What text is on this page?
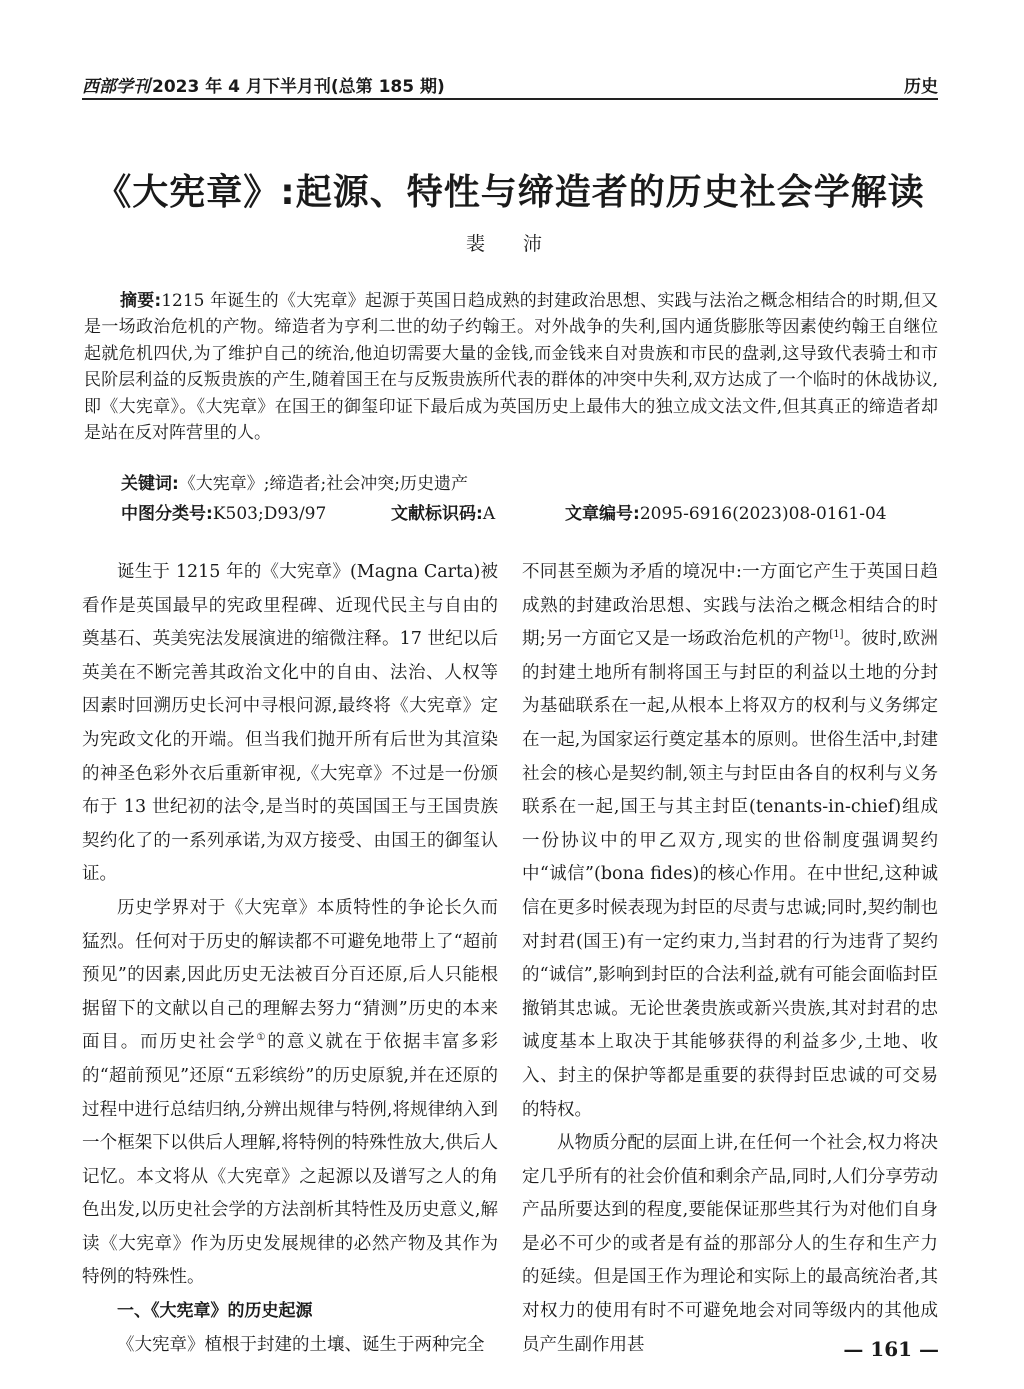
西部学刊 2023 年 4 月下半月刊(总第 185 期)	历史
《大宪章》:起源、特性与缔造者的历史社会学解读
裴 沛
摘要:1215 年诞生的《大宪章》起源于英国日趋成熟的封建政治思想、实践与法治之概念相结合的时期,但又是一场政治危机的产物。缔造者为亨利二世的幼子约翰王。对外战争的失利,国内通货膨胀等因素使约翰王自继位起就危机四伏,为了维护自己的统治,他迫切需要大量的金钱,而金钱来自对贵族和市民的盘剥,这导致代表骑士和市民阶层利益的反叛贵族的产生,随着国王在与反叛贵族所代表的群体的冲突中失利,双方达成了一个临时的休战协议,即《大宪章》。《大宪章》在国王的御玺印证下最后成为英国历史上最伟大的独立成文法文件,但其真正的缔造者却是站在反对阵营里的人。
关键词:《大宪章》;缔造者;社会冲突;历史遗产
中图分类号:K503;D93/97	文献标识码:A	文章编号:2095-6916(2023)08-0161-04

诞生于 1215 年的《大宪章》(Magna Carta)被看作是英国最早的宪政里程碑、近现代民主与自由的奠基石、英美宪法发展演进的缩微注释。17 世纪以后英美在不断完善其政治文化中的自由、法治、人权等因素时回溯历史长河中寻根问源,最终将《大宪章》定为宪政文化的开端。但当我们抛开所有后世为其渲染的神圣色彩外衣后重新审视,《大宪章》不过是一份颁布于 13 世纪初的法令,是当时的英国国王与王国贵族契约化了的一系列承诺,为双方接受、由国王的御玺认证。

历史学界对于《大宪章》本质特性的争论长久而猛烈。任何对于历史的解读都不可避免地带上了“超前预见”的因素,因此历史无法被百分百还原,后人只能根据留下的文献以自己的理解去努力“猜测”历史的本来面目。而历史社会学①的意义就在于依据丰富多彩的“超前预见”还原“五彩缤纷”的历史原貌,并在还原的过程中进行总结归纳,分辨出规律与特例,将规律纳入到一个框架下以供后人理解,将特例的特殊性放大,供后人记忆。本文将从《大宪章》之起源以及谱写之人的角色出发,以历史社会学的方法剖析其特性及历史意义,解读《大宪章》作为历史发展规律的必然产物及其作为特例的特殊性。

一、《大宪章》的历史起源

《大宪章》植根于封建的土壤、诞生于两种完全

不同甚至颇为矛盾的境况中:一方面它产生于英国日趋成熟的封建政治思想、实践与法治之概念相结合的时期;另一方面它又是一场政治危机的产物[1]。彼时,欧洲的封建土地所有制将国王与封臣的利益以土地的分封为基础联系在一起,从根本上将双方的权利与义务绑定在一起,为国家运行奠定基本的原则。世俗生活中,封建社会的核心是契约制,领主与封臣由各自的权利与义务联系在一起,国王与其主封臣(tenants-in-chief)组成一份协议中的甲乙双方,现实的世俗制度强调契约中“诚信”(bona fides)的核心作用。在中世纪,这种诚信在更多时候表现为封臣的尽责与忠诚;同时,契约制也对封君(国王)有一定约束力,当封君的行为违背了契约的“诚信”,影响到封臣的合法利益,就有可能会面临封臣撤销其忠诚。无论世袭贵族或新兴贵族,其对封君的忠诚度基本上取决于其能够获得的利益多少,土地、收入、封主的保护等都是重要的获得封臣忠诚的可交易的特权。

从物质分配的层面上讲,在任何一个社会,权力将决定几乎所有的社会价值和剩余产品,同时,人们分享劳动产品所要达到的程度,要能保证那些其行为对他们自身是必不可少的或者是有益的那部分人的生存和生产力的延续。但是国王作为理论和实际上的最高统治者,其对权力的使用有时不可避免地会对同等级内的其他成员产生副作用甚	— 161 —
